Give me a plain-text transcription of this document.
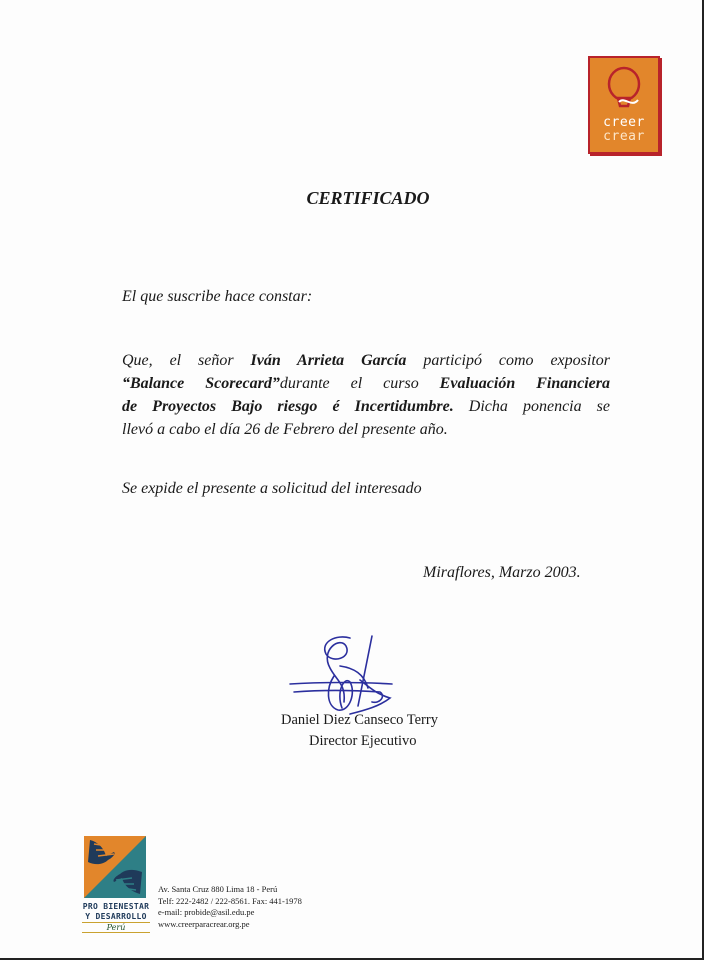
creer
crear
CERTIFICADO
El que suscribe hace constar:
Que, el señor Iván Arrieta García participó como expositor
“Balance Scorecard”durante el curso Evaluación Financiera
de Proyectos Bajo riesgo é Incertidumbre. Dicha ponencia se
llevó a cabo el día 26 de Febrero del presente año.
Se expide el presente a solicitud del interesado
Miraflores, Marzo 2003.
Daniel Diez Canseco Terry
Director Ejecutivo
PRO BIENESTAR
Y DESARROLLO
Perú
Av. Santa Cruz 880 Lima 18 - Perú
Telf: 222-2482 / 222-8561. Fax: 441-1978
e-mail: probide@asil.edu.pe
www.creerparacrear.org.pe
